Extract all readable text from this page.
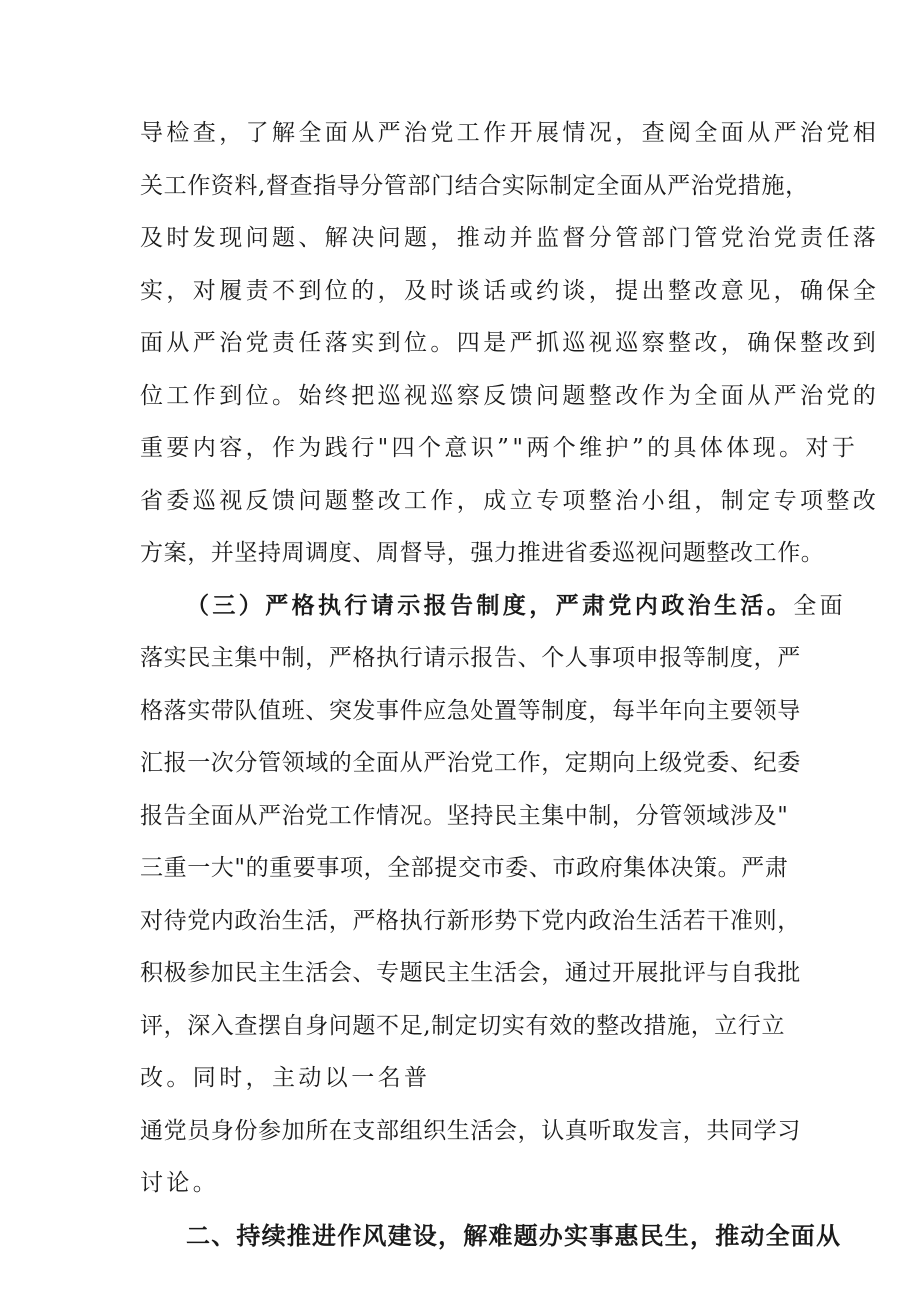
导检查，了解全面从严治党工作开展情况，查阅全面从严治党相
关工作资料,督查指导分管部门结合实际制定全面从严治党措施，
及时发现问题、解决问题，推动并监督分管部门管党治党责任落
实，对履责不到位的，及时谈话或约谈，提出整改意见，确保全
面从严治党责任落实到位。四是严抓巡视巡察整改，确保整改到
位工作到位。始终把巡视巡察反馈问题整改作为全面从严治党的
重要内容，作为践行"四个意识”"两个维护”的具体体现。对于
省委巡视反馈问题整改工作，成立专项整治小组，制定专项整改
方案，并坚持周调度、周督导，强力推进省委巡视问题整改工作。
（三）严格执行请示报告制度，严肃党内政治生活。全面
落实民主集中制，严格执行请示报告、个人事项申报等制度，严
格落实带队值班、突发事件应急处置等制度，每半年向主要领导
汇报一次分管领域的全面从严治党工作，定期向上级党委、纪委
报告全面从严治党工作情况。坚持民主集中制，分管领域涉及"
三重一大"的重要事项，全部提交市委、市政府集体决策。严肃
对待党内政治生活，严格执行新形势下党内政治生活若干准则，
积极参加民主生活会、专题民主生活会，通过开展批评与自我批
评，深入查摆自身问题不足,制定切实有效的整改措施，立行立
改。同时，主动以一名普
通党员身份参加所在支部组织生活会，认真听取发言，共同学习
讨论。
二、持续推进作风建设，解难题办实事惠民生，推动全面从
